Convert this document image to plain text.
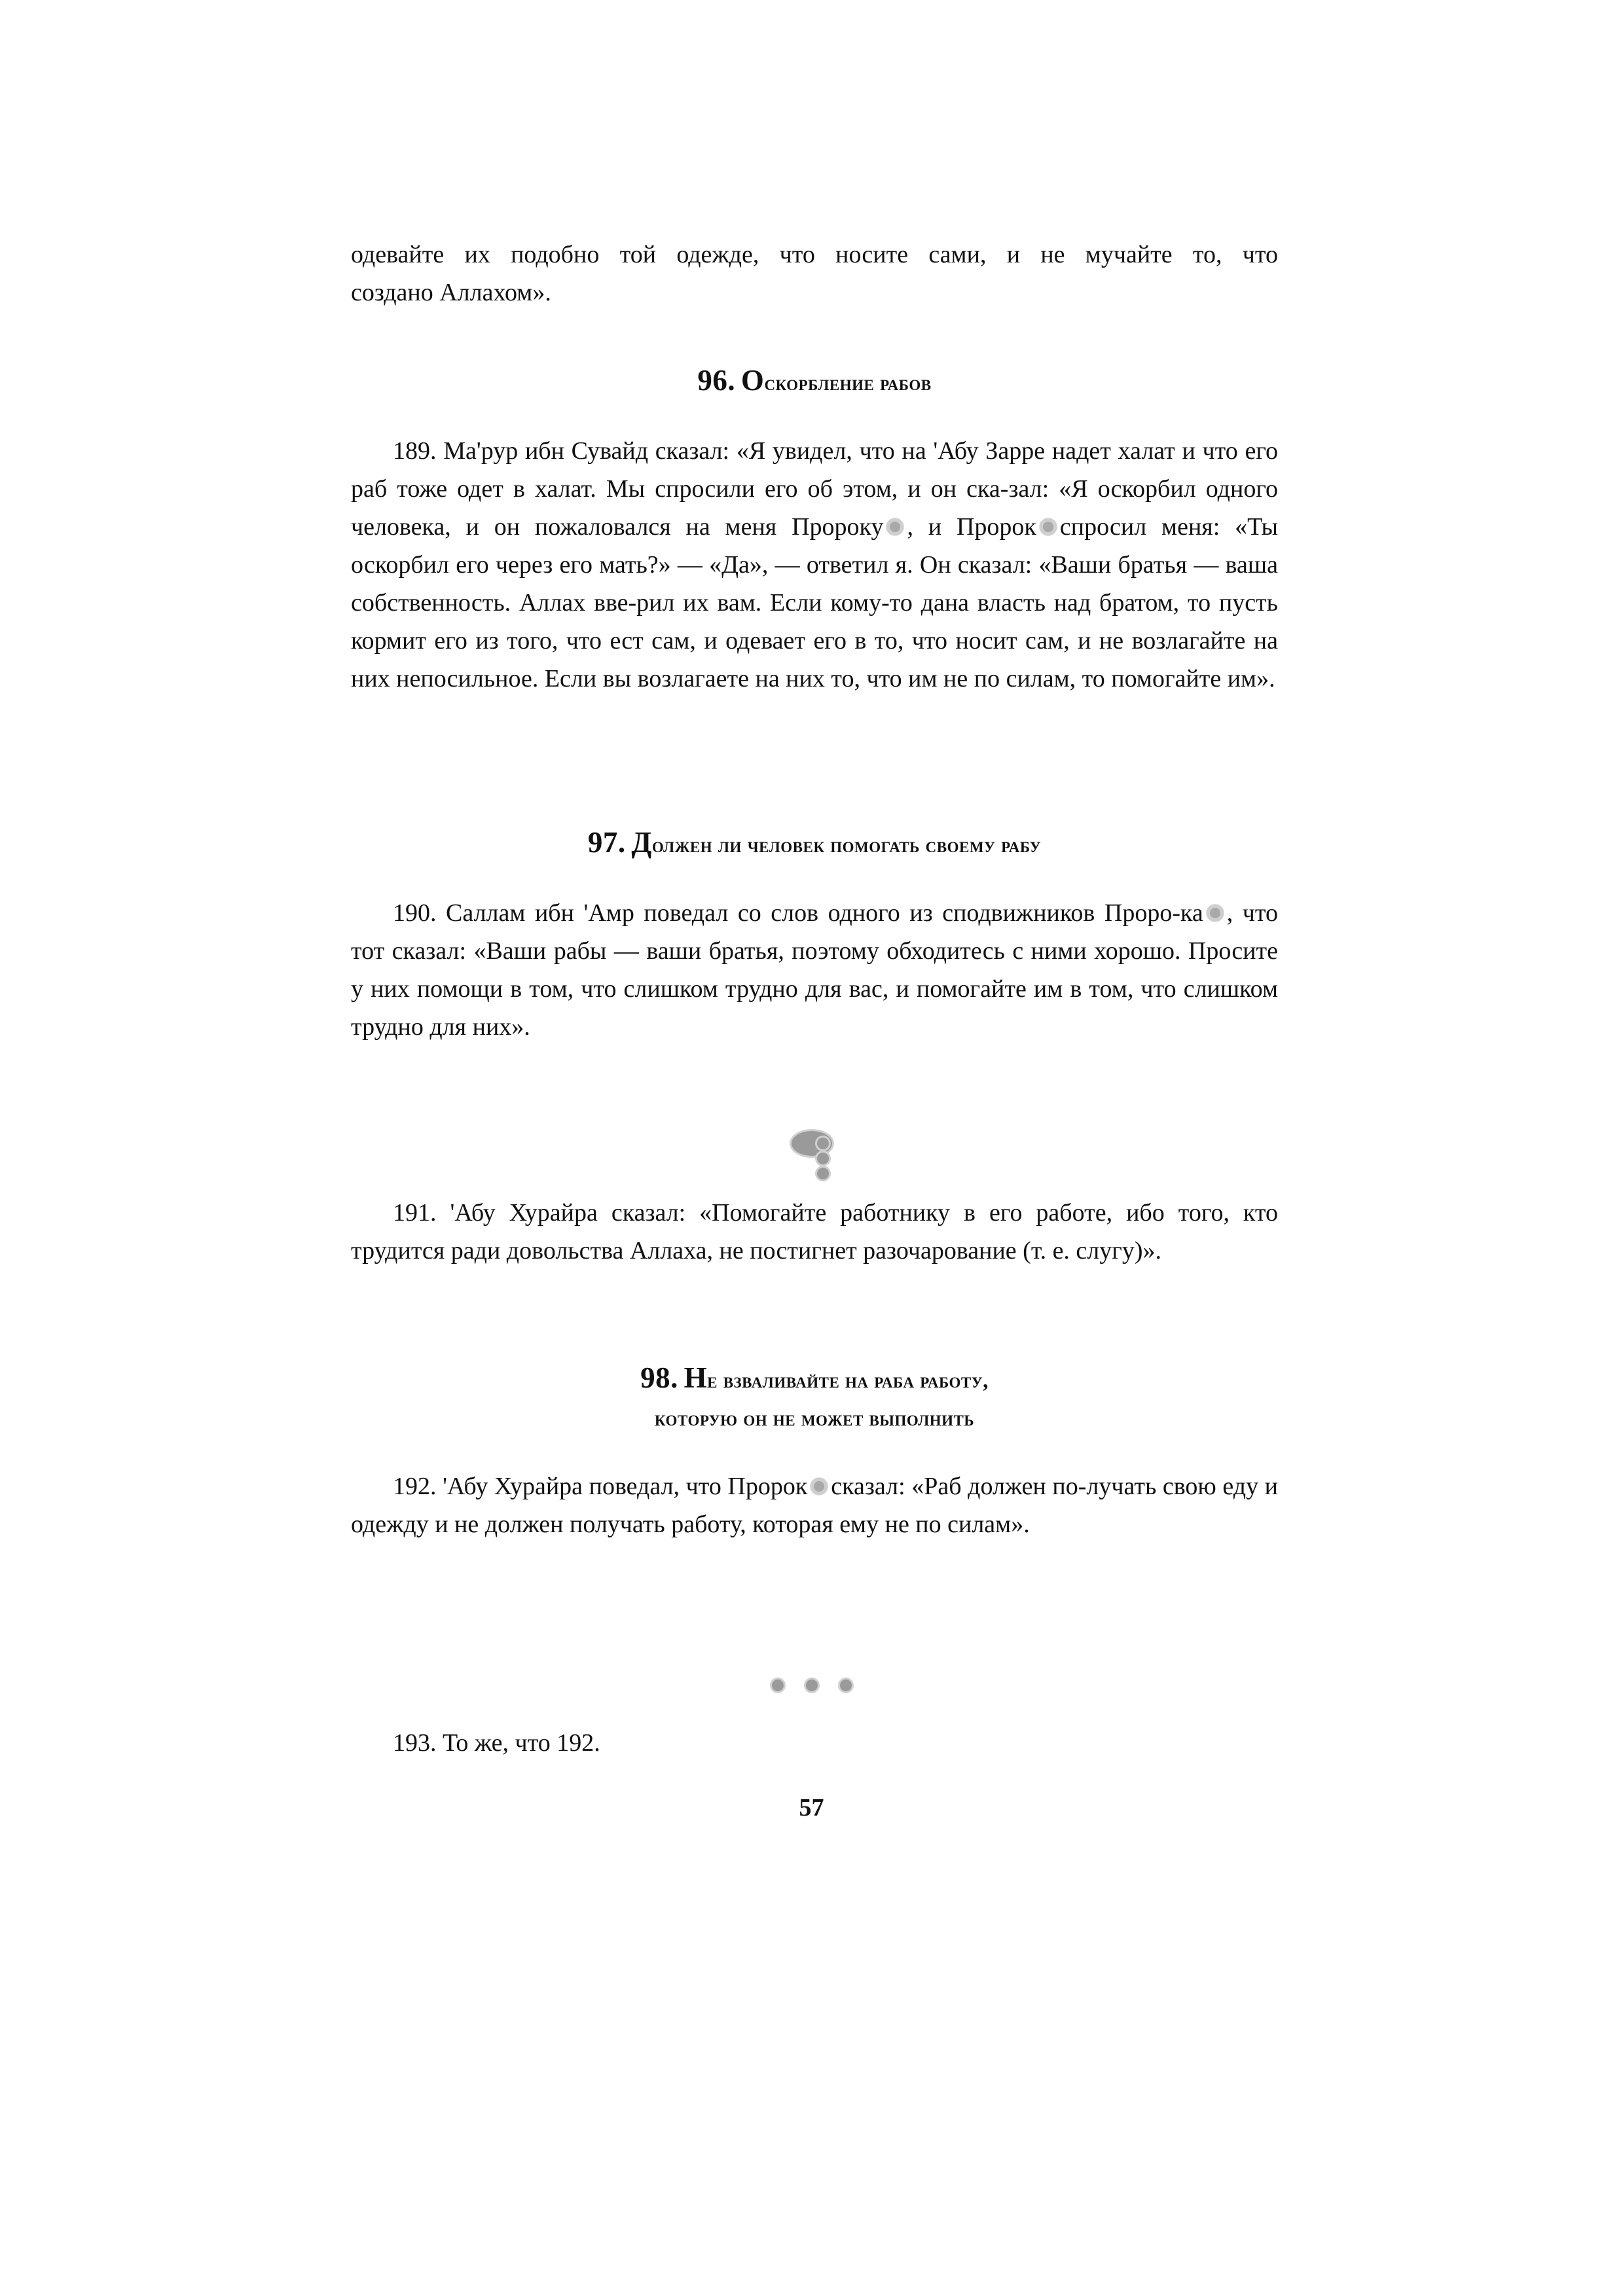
одевайте их подобно той одежде, что носите сами, и не мучайте то, что

создано Аллахом».

96. Оскорбление рабов

189. Ма'рур ибн Сувайд сказал: «Я увидел, что на 'Абу Зарре надет халат и что его раб тоже одет в халат. Мы спросили его об этом, и он ска-зал: «Я оскорбил одного человека, и он пожаловался на меня Пророку , и Пророк спросил меня: «Ты оскорбил его через его мать?» — «Да», — ответил я. Он сказал: «Ваши братья — ваша собственность. Аллах вве-рил их вам. Если кому-то дана власть над братом, то пусть кормит его из того, что ест сам, и одевает его в то, что носит сам, и не возлагайте на них непосильное. Если вы возлагаете на них то, что им не по силам, то помогайте им».

97. Должен ли человек помогать своему рабу

190. Саллам ибн 'Амр поведал со слов одного из сподвижников Проро-ка , что тот сказал: «Ваши рабы — ваши братья, поэтому обходитесь с ними хорошо. Просите у них помощи в том, что слишком трудно для вас, и помогайте им в том, что слишком трудно для них».

191. 'Абу Хурайра сказал: «Помогайте работнику в его работе, ибо того, кто трудится ради довольства Аллаха, не постигнет разочарование (т. е. слугу)».

98. Не взваливайте на раба работу,

которую он не может выполнить

192. 'Абу Хурайра поведал, что Пророк сказал: «Раб должен по-лучать свою еду и одежду и не должен получать работу, которая ему не по силам».

193. То же, что 192.

57
